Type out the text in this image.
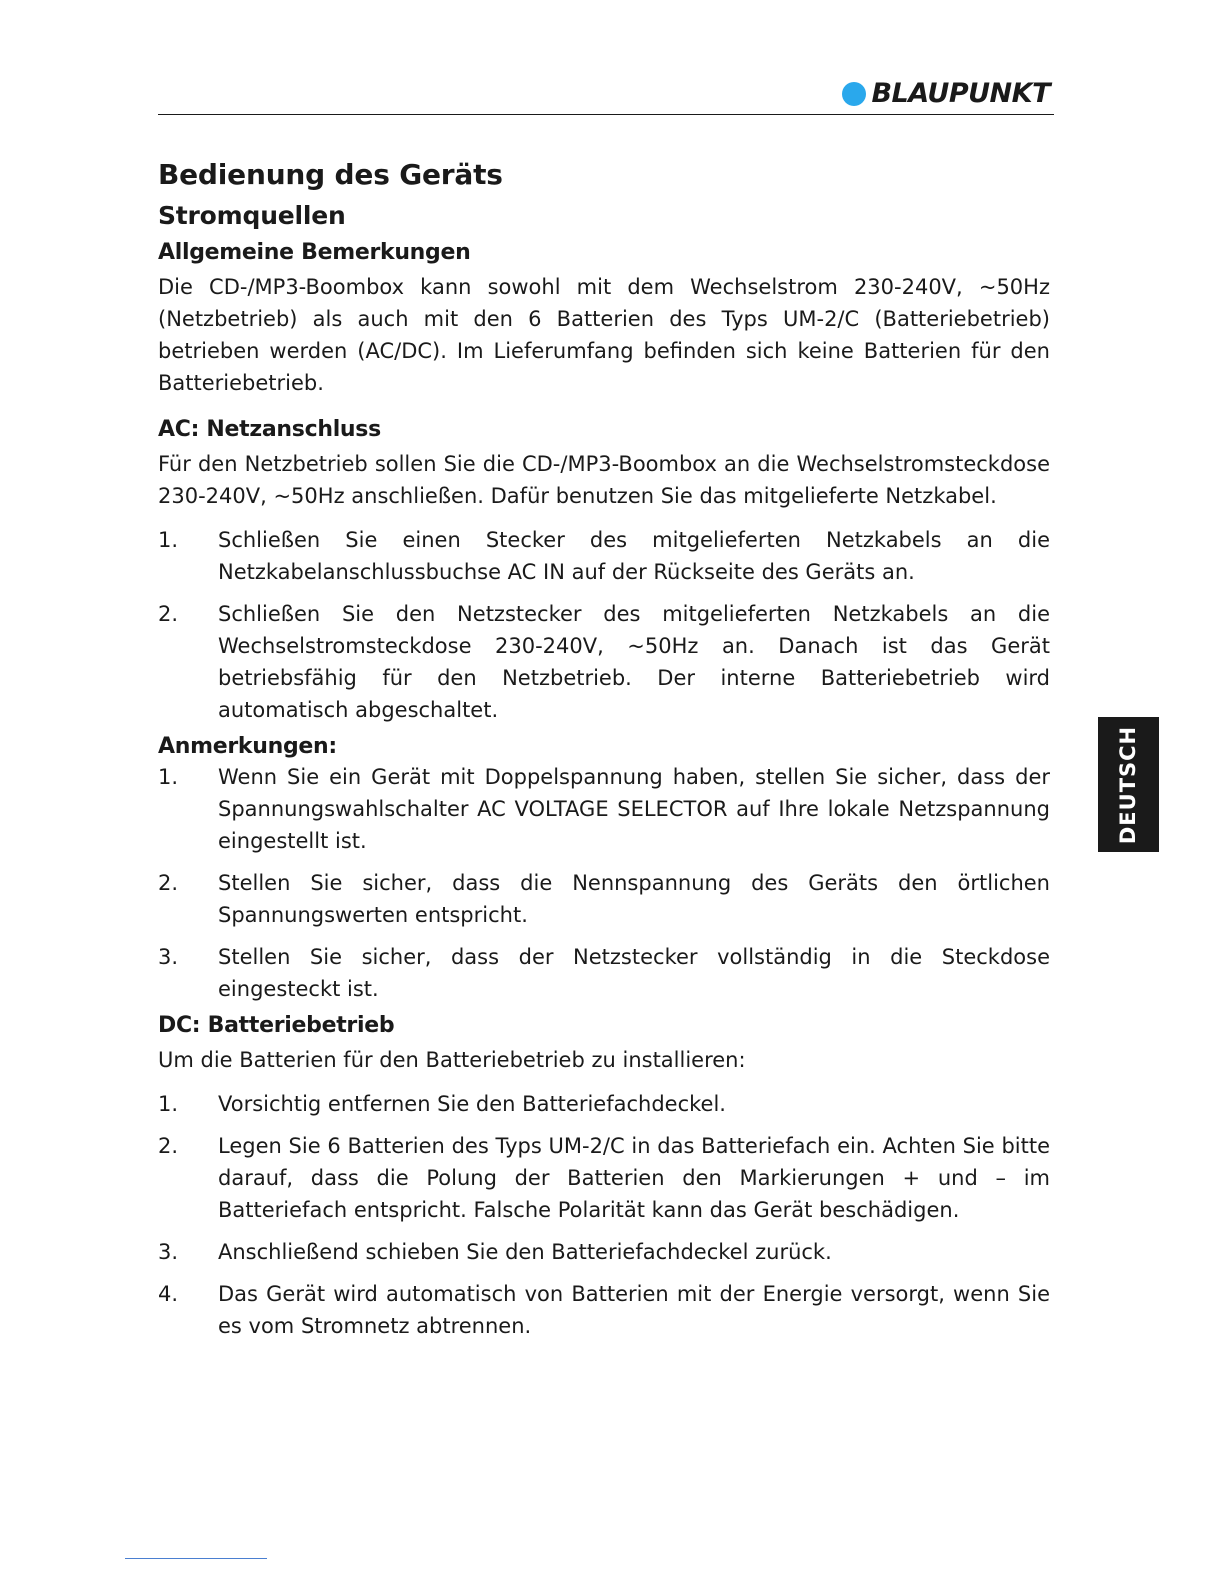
BLAUPUNKT
DEUTSCH
Bedienung des Geräts
Stromquellen
Allgemeine Bemerkungen

Die CD-/MP3-Boombox kann sowohl mit dem Wechselstrom 230-240V, ~50Hz (Netzbetrieb) als auch mit den 6 Batterien des Typs UM-2/C (Batteriebetrieb) betrieben werden (AC/DC). Im Lieferumfang befinden sich keine Batterien für den Batteriebetrieb.

AC: Netzanschluss

Für den Netzbetrieb sollen Sie die CD-/MP3-Boombox an die Wechselstromsteckdose 230-240V, ~50Hz anschließen. Dafür benutzen Sie das mitgelieferte Netzkabel.

1.	Schließen Sie einen Stecker des mitgelieferten Netzkabels an die Netzkabelanschlussbuchse AC IN auf der Rückseite des Geräts an.
2.	Schließen Sie den Netzstecker des mitgelieferten Netzkabels an die Wechselstromsteckdose 230-240V, ~50Hz an. Danach ist das Gerät betriebsfähig für den Netzbetrieb. Der interne Batteriebetrieb wird automatisch abgeschaltet.
Anmerkungen:
1.	Wenn Sie ein Gerät mit Doppelspannung haben, stellen Sie sicher, dass der Spannungswahlschalter AC VOLTAGE SELECTOR auf Ihre lokale Netzspannung eingestellt ist.
2.	Stellen Sie sicher, dass die Nennspannung des Geräts den örtlichen Spannungswerten entspricht.
3.	Stellen Sie sicher, dass der Netzstecker vollständig in die Steckdose eingesteckt ist.
DC: Batteriebetrieb

Um die Batterien für den Batteriebetrieb zu installieren:

1.	Vorsichtig entfernen Sie den Batteriefachdeckel.
2.	Legen Sie 6 Batterien des Typs UM-2/C in das Batteriefach ein. Achten Sie bitte darauf, dass die Polung der Batterien den Markierungen + und – im Batteriefach entspricht. Falsche Polarität kann das Gerät beschädigen.
3.	Anschließend schieben Sie den Batteriefachdeckel zurück.
4.	Das Gerät wird automatisch von Batterien mit der Energie versorgt, wenn Sie es vom Stromnetz abtrennen.
